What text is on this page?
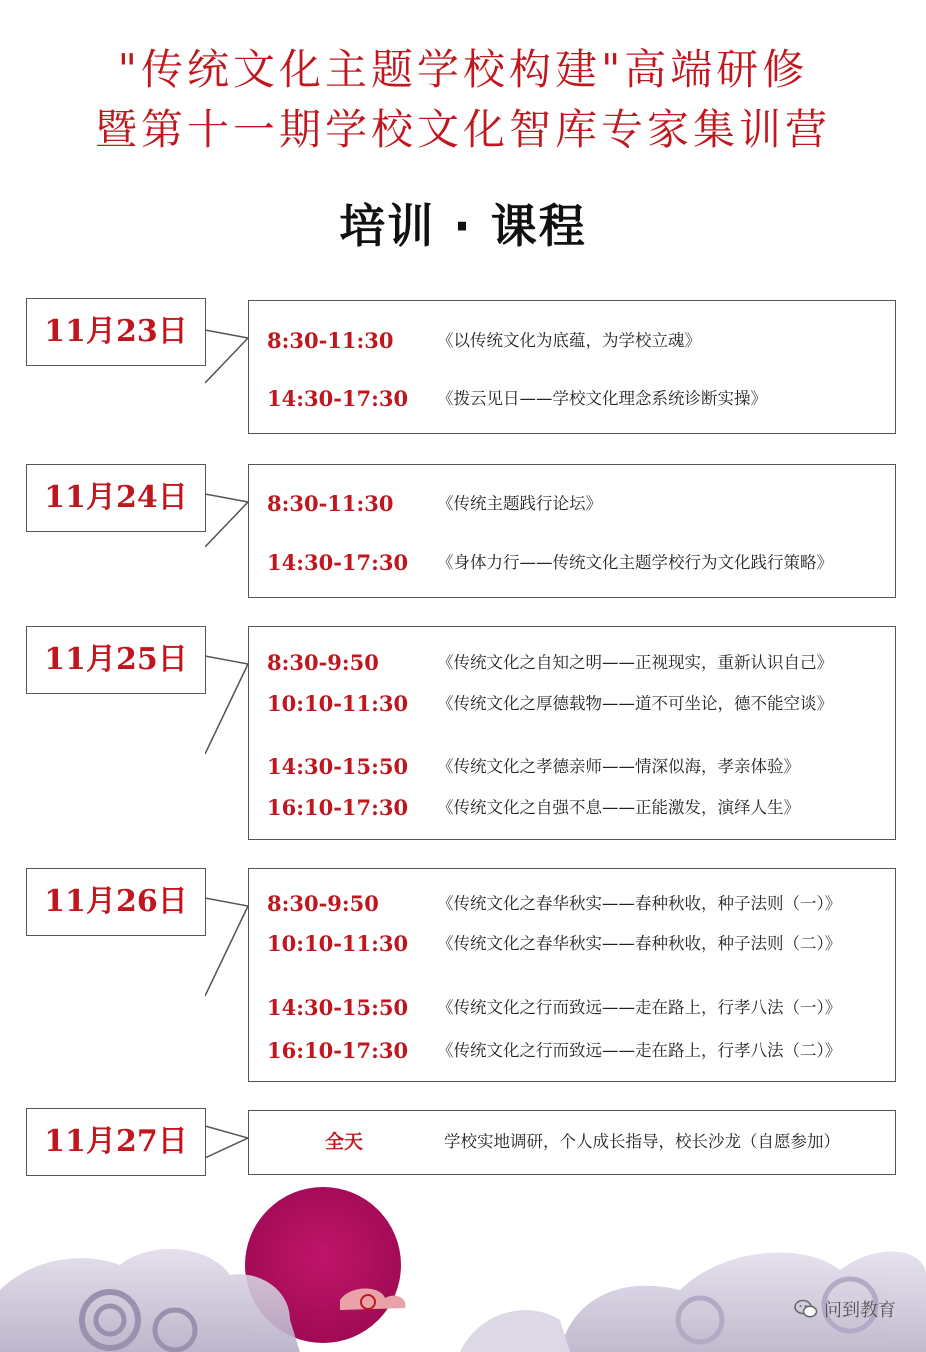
"传统文化主题学校构建"高端研修
暨第十一期学校文化智库专家集训营
培训 · 课程
11月23日	8:30-11:30	《以传统文化为底蕴，为学校立魂》
14:30-17:30 《拨云见日——学校文化理念系统诊断实操》
11月24日	8:30-11:30	《传统主题践行论坛》
14:30-17:30 《身体力行——传统文化主题学校行为文化践行策略》
11月25日	8:30-9:50	《传统文化之自知之明——正视现实，重新认识自己》
10:10-11:30 《传统文化之厚德载物——道不可坐论，德不能空谈》
14:30-15:50 《传统文化之孝德亲师——情深似海，孝亲体验》
16:10-17:30 《传统文化之自强不息——正能激发，演绎人生》
11月26日	8:30-9:50	《传统文化之春华秋实——春种秋收，种子法则（一）》
10:10-11:30 《传统文化之春华秋实——春种秋收，种子法则（二）》
14:30-15:50 《传统文化之行而致远——走在路上，行孝八法（一）》
16:10-17:30 《传统文化之行而致远——走在路上，行孝八法（二）》
11月27日	全天	学校实地调研，个人成长指导，校长沙龙（自愿参加）
问到教育
